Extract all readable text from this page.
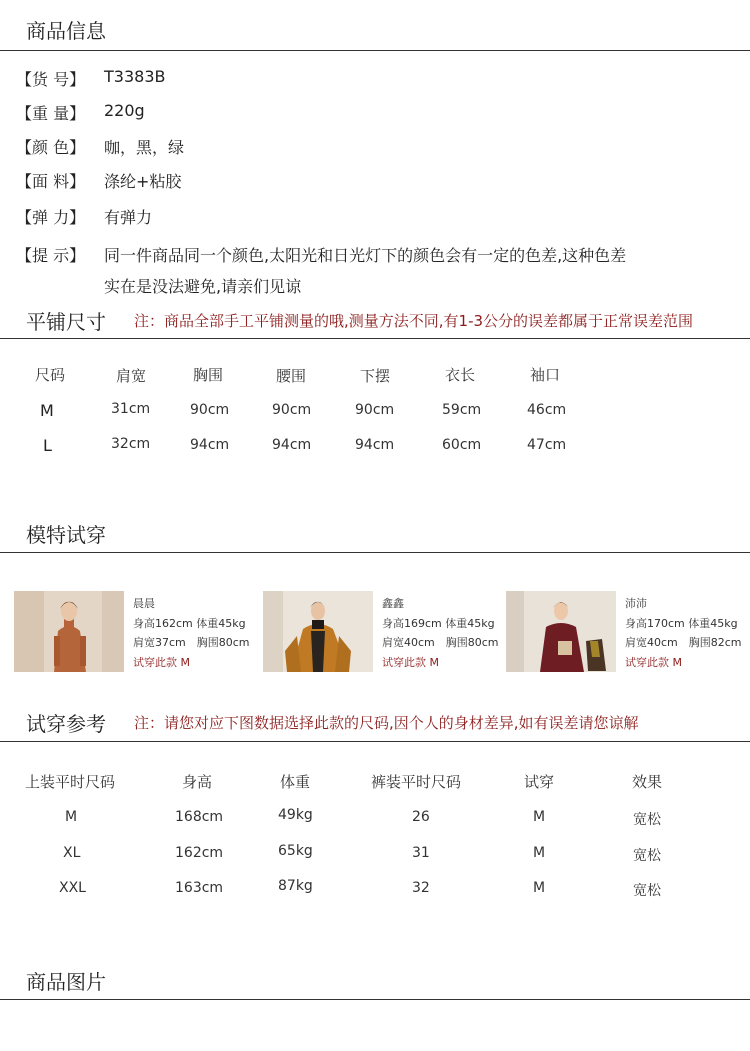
商品信息
【货 号】 T3383B
【重 量】 220g
【颜 色】 咖，黑，绿
【面 料】 涤纶+粘胶
【弹 力】 有弹力
【提 示】 同一件商品同一个颜色,太阳光和日光灯下的颜色会有一定的色差,这种色差
实在是没法避免,请亲们见谅
平铺尺寸 注：商品全部手工平铺测量的哦,测量方法不同,有1-3公分的误差都属于正常误差范围
尺码	肩宽	胸围	腰围	下摆	衣长	袖口
M	31cm	90cm	90cm	90cm	59cm	46cm
L	32cm	94cm	94cm	94cm	60cm	47cm
模特试穿
晨晨
身高162cm 体重45kg
肩宽37cm　胸围80cm
试穿此款 M
鑫鑫
身高169cm 体重45kg
肩宽40cm　胸围80cm
试穿此款 M
沛沛
身高170cm 体重45kg
肩宽40cm　胸围82cm
试穿此款 M
试穿参考 注：请您对应下图数据选择此款的尺码,因个人的身材差异,如有误差请您谅解
上装平时尺码	身高	体重	裤装平时尺码	试穿	效果
M	168cm	49kg	26	M	宽松
XL	162cm	65kg	31	M	宽松
XXL	163cm	87kg	32	M	宽松
商品图片
